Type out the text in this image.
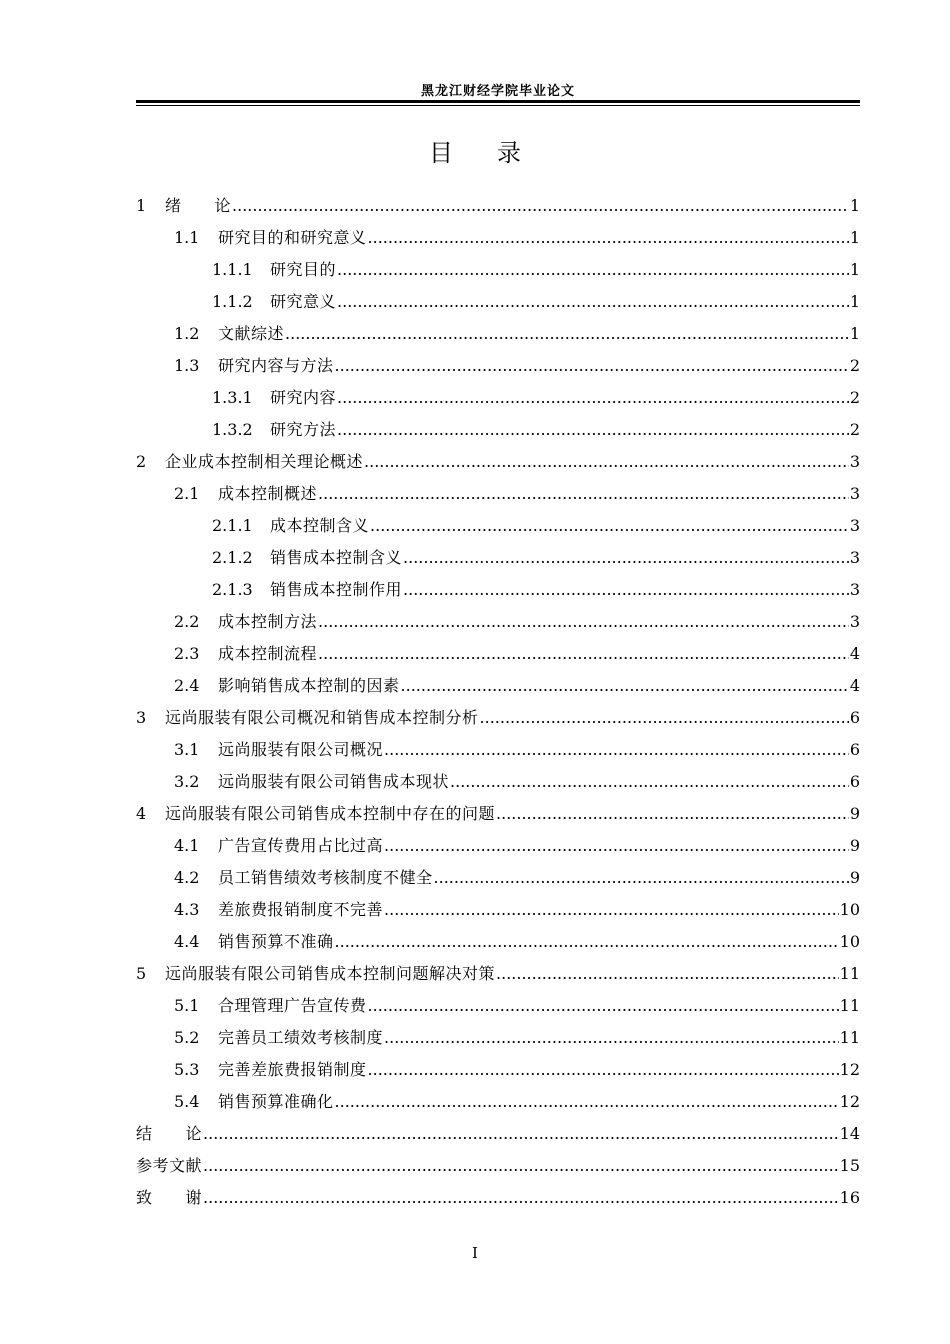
黑龙江财经学院毕业论文
目录
1	绪　　论 .....	1
1.1	研究目的和研究意义 .....	1
1.1.1	研究目的 .....	1
1.1.2	研究意义 .....	1
1.2	文献综述 .....	1
1.3	研究内容与方法 .....	2
1.3.1	研究内容 .....	2
1.3.2	研究方法 .....	2
2	企业成本控制相关理论概述 .....	3
2.1	成本控制概述 .....	3
2.1.1	成本控制含义 .....	3
2.1.2	销售成本控制含义 .....	3
2.1.3	销售成本控制作用 .....	3
2.2	成本控制方法 .....	3
2.3	成本控制流程 .....	4
2.4	影响销售成本控制的因素 .....	4
3	远尚服装有限公司概况和销售成本控制分析 .....	6
3.1	远尚服装有限公司概况 .....	6
3.2	远尚服装有限公司销售成本现状 .....	6
4	远尚服装有限公司销售成本控制中存在的问题 .....	9
4.1	广告宣传费用占比过高 .....	9
4.2	员工销售绩效考核制度不健全 .....	9
4.3	差旅费报销制度不完善 .....	10
4.4	销售预算不准确 .....	10
5	远尚服装有限公司销售成本控制问题解决对策 .....	11
5.1	合理管理广告宣传费 .....	11
5.2	完善员工绩效考核制度 .....	11
5.3	完善差旅费报销制度 .....	12
5.4	销售预算准确化 .....	12
结　　论 .....	14
参考文献 .....	15
致　　谢 .....	16
I
